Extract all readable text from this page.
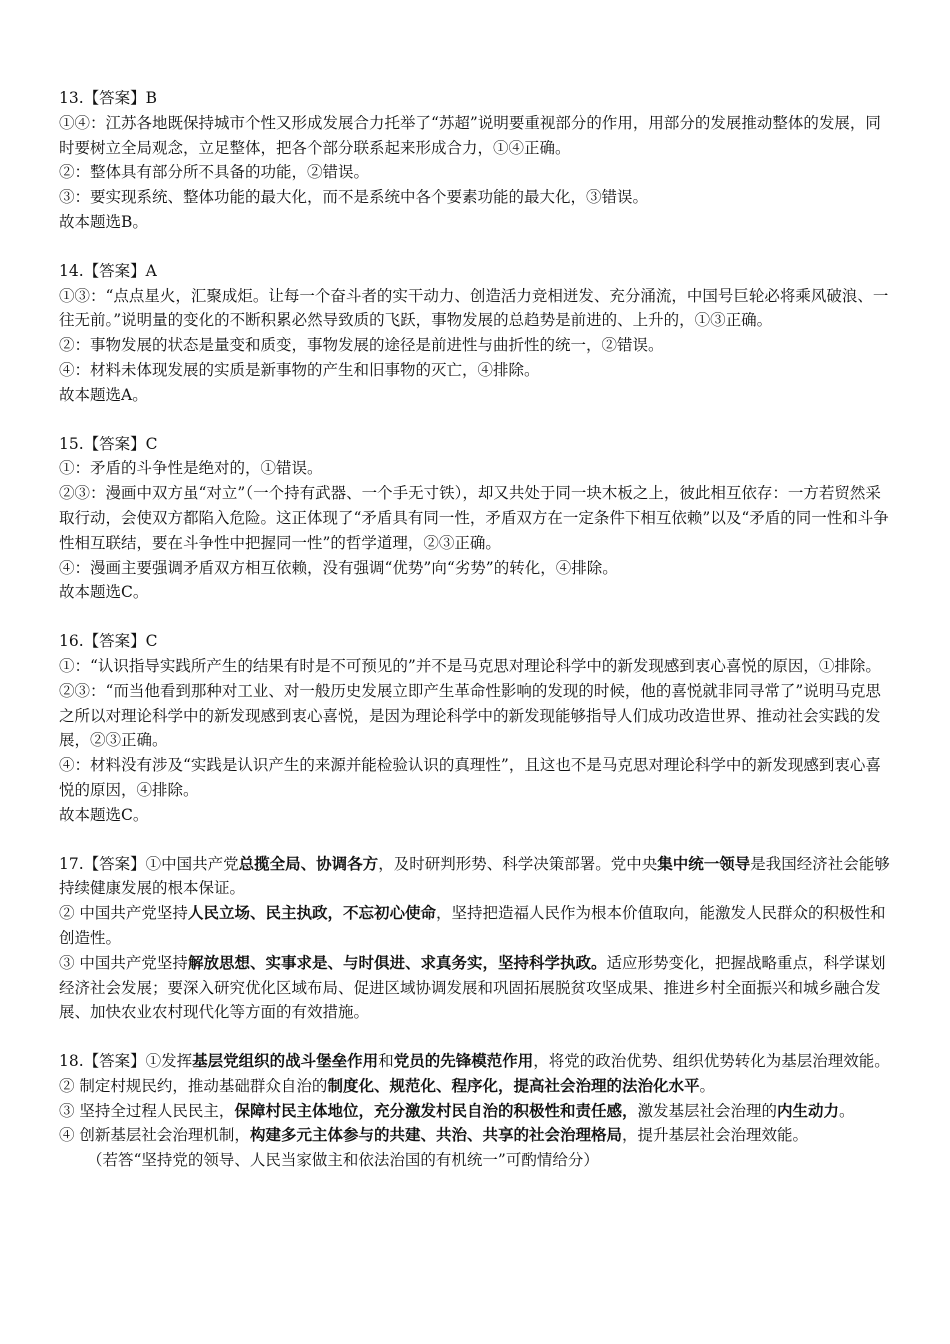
13.【答案】B
①④：江苏各地既保持城市个性又形成发展合力托举了“苏超”说明要重视部分的作用，用部分的发展推动整体的发展，同时要树立全局观念，立足整体，把各个部分联系起来形成合力，①④正确。
②：整体具有部分所不具备的功能，②错误。
③：要实现系统、整体功能的最大化，而不是系统中各个要素功能的最大化，③错误。
故本题选B。
14.【答案】A
①③：“点点星火，汇聚成炬。让每一个奋斗者的实干动力、创造活力竞相迸发、充分涌流，中国号巨轮必将乘风破浪、一往无前。”说明量的变化的不断积累必然导致质的飞跃，事物发展的总趋势是前进的、上升的，①③正确。
②：事物发展的状态是量变和质变，事物发展的途径是前进性与曲折性的统一，②错误。
④：材料未体现发展的实质是新事物的产生和旧事物的灭亡，④排除。
故本题选A。
15.【答案】C
①：矛盾的斗争性是绝对的，①错误。
②③：漫画中双方虽“对立”（一个持有武器、一个手无寸铁），却又共处于同一块木板之上，彼此相互依存：一方若贸然采取行动，会使双方都陷入危险。这正体现了“矛盾具有同一性，矛盾双方在一定条件下相互依赖”以及“矛盾的同一性和斗争性相互联结，要在斗争性中把握同一性”的哲学道理，②③正确。
④：漫画主要强调矛盾双方相互依赖，没有强调“优势”向“劣势”的转化，④排除。
故本题选C。
16.【答案】C
①：“认识指导实践所产生的结果有时是不可预见的”并不是马克思对理论科学中的新发现感到衷心喜悦的原因，①排除。
②③：“而当他看到那种对工业、对一般历史发展立即产生革命性影响的发现的时候，他的喜悦就非同寻常了”说明马克思之所以对理论科学中的新发现感到衷心喜悦，是因为理论科学中的新发现能够指导人们成功改造世界、推动社会实践的发展，②③正确。
④：材料没有涉及“实践是认识产生的来源并能检验认识的真理性”，且这也不是马克思对理论科学中的新发现感到衷心喜悦的原因，④排除。
故本题选C。
17.【答案】①中国共产党总揽全局、协调各方，及时研判形势、科学决策部署。党中央集中统一领导是我国经济社会能够持续健康发展的根本保证。
② 中国共产党坚持人民立场、民主执政，不忘初心使命，坚持把造福人民作为根本价值取向，能激发人民群众的积极性和创造性。
③ 中国共产党坚持解放思想、实事求是、与时俱进、求真务实，坚持科学执政。适应形势变化，把握战略重点，科学谋划经济社会发展；要深入研究优化区域布局、促进区域协调发展和巩固拓展脱贫攻坚成果、推进乡村全面振兴和城乡融合发展、加快农业农村现代化等方面的有效措施。
18.【答案】①发挥基层党组织的战斗堡垒作用和党员的先锋模范作用，将党的政治优势、组织优势转化为基层治理效能。
② 制定村规民约，推动基础群众自治的制度化、规范化、程序化，提高社会治理的法治化水平。
③ 坚持全过程人民民主，保障村民主体地位，充分激发村民自治的积极性和责任感，激发基层社会治理的内生动力。
④ 创新基层社会治理机制，构建多元主体参与的共建、共治、共享的社会治理格局，提升基层社会治理效能。
（若答“坚持党的领导、人民当家做主和依法治国的有机统一”可酌情给分）
